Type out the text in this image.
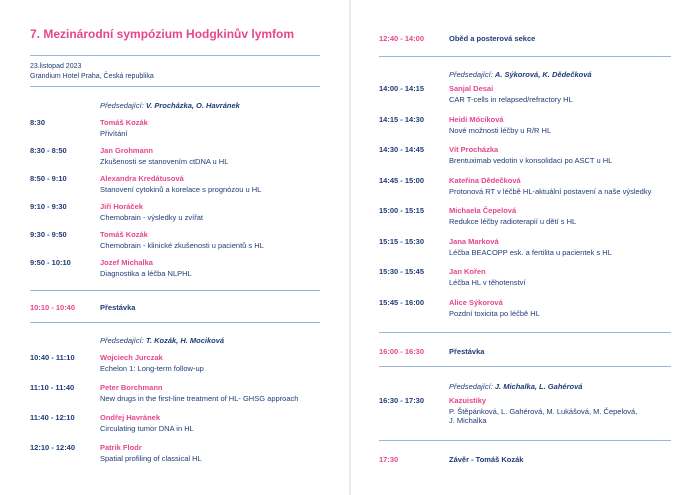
7. Mezinárodní sympózium Hodgkinův lymfom
23.listopad 2023
Grandium Hotel Praha, Česká republika
Předsedající: V. Procházka, O. Havránek
8:30	Tomáš Kozák
Přivítání
8:30 - 8:50	Jan Grohmann
Zkušenosti se stanovením ctDNA u HL
8:50 - 9:10	Alexandra Kredátusová
Stanovení cytokinů a korelace s prognózou u HL
9:10 - 9:30	Jiří Horáček
Chemobrain - výsledky u zvířat
9:30 - 9:50	Tomáš Kozák
Chemobrain - klinické zkušenosti u pacientů s HL
9:50 - 10:10	Jozef Michalka
Diagnostika a léčba NLPHL
10:10 - 10:40	Přestávka
Předsedající: T. Kozák, H. Mociková
10:40 - 11:10	Wojciech Jurczak
Echelon 1: Long-term follow-up
11:10 - 11:40	Peter Borchmann
New drugs in the first-line treatment of HL- GHSG approach
11:40 - 12:10	Ondřej Havránek
Circulating tumor DNA in HL
12:10 - 12:40	Patrik Flodr
Spatial profiling of classical HL
12:40 - 14:00	Oběd a posterová sekce
Předsedající: A. Sýkorová, K. Dědečková
14:00 - 14:15	Sanjal Desai
CAR T-cells in relapsed/refractory HL
14:15 - 14:30	Heidi Mócíková
Nové možnosti léčby u R/R HL
14:30 - 14:45	Vít Procházka
Brentuximab vedotin v konsolidaci po ASCT u HL
14:45 - 15:00	Kateřina Dědečková
Protonová RT v léčbě HL-aktuální postavení a naše výsledky
15:00 - 15:15	Michaela Čepelová
Redukce léčby radioterapií u dětí s HL
15:15 - 15:30	Jana Marková
Léčba BEACOPP esk. a fertilita u pacientek s HL
15:30 - 15:45	Jan Kořen
Léčba HL v těhotenství
15:45 - 16:00	Alice Sýkorová
Pozdní toxicita po léčbě HL
16:00 - 16:30	Přestávka
Předsedající: J. Michalka, L. Gahérová
16:30 - 17:30	Kazuistiky
P. Štěpánková, L. Gahérová, M. Lukášová, M. Čepelová,
J. Michalka
17:30	Závěr - Tomáš Kozák
